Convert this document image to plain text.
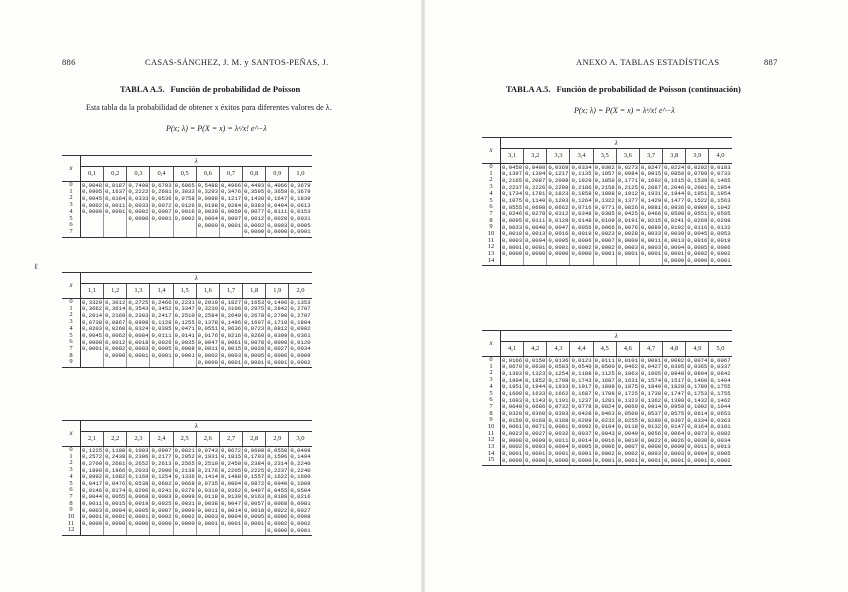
886	CASAS-SÁNCHEZ, J. M. y SANTOS-PEÑAS, J.
TABLA A.5. Función de probabilidad de Poisson
Esta tabla da la probabilidad de obtener x éxitos para diferentes valores de λ.
P(x; λ) = P(X = x) = λˣ/x! e^−λ
x	λ									
	0,1	0,2	0,3	0,4	0,5	0,6	0,7	0,8	0,9	1,0
0	0,9048	0,8187	0,7408	0,6703	0,6065	0,5488	0,4966	0,4493	0,4066	0,3679
1	0,0905	0,1637	0,2222	0,2681	0,3033	0,3293	0,3476	0,3595	0,3659	0,3679
2	0,0045	0,0164	0,0333	0,0536	0,0758	0,0988	0,1217	0,1438	0,1647	0,1839
3	0,0002	0,0011	0,0033	0,0072	0,0126	0,0198	0,0284	0,0383	0,0494	0,0613
4	0,0000	0,0001	0,0002	0,0007	0,0016	0,0030	0,0050	0,0077	0,0111	0,0153
5			0,0000	0,0001	0,0002	0,0004	0,0007	0,0012	0,0020	0,0031
6						0,0000	0,0001	0,0002	0,0003	0,0005
7								0,0000	0,0000	0,0001
x	λ									
	1,1	1,2	1,3	1,4	1,5	1,6	1,7	1,8	1,9	2,0
0	0,3329	0,3012	0,2725	0,2466	0,2231	0,2019	0,1827	0,1653	0,1496	0,1353
1	0,3662	0,3614	0,3543	0,3452	0,3347	0,3230	0,3106	0,2975	0,2842	0,2707
2	0,2014	0,2169	0,2303	0,2417	0,2510	0,2584	0,2640	0,2678	0,2700	0,2707
3	0,0738	0,0867	0,0998	0,1128	0,1255	0,1378	0,1496	0,1607	0,1710	0,1804
4	0,0203	0,0260	0,0324	0,0395	0,0471	0,0551	0,0636	0,0723	0,0812	0,0902
5	0,0045	0,0062	0,0084	0,0111	0,0141	0,0176	0,0216	0,0260	0,0309	0,0361
6	0,0008	0,0012	0,0018	0,0026	0,0035	0,0047	0,0061	0,0078	0,0098	0,0120
7	0,0001	0,0002	0,0003	0,0005	0,0008	0,0011	0,0015	0,0020	0,0027	0,0034
8		0,0000	0,0001	0,0001	0,0001	0,0002	0,0003	0,0005	0,0006	0,0009
9						0,0000	0,0001	0,0001	0,0001	0,0002
x	λ									
	2,1	2,2	2,3	2,4	2,5	2,6	2,7	2,8	2,9	3,0
0	0,1225	0,1108	0,1003	0,0907	0,0821	0,0743	0,0672	0,0608	0,0550	0,0498
1	0,2572	0,2438	0,2306	0,2177	0,2052	0,1931	0,1815	0,1703	0,1596	0,1494
2	0,2700	0,2681	0,2652	0,2613	0,2565	0,2510	0,2450	0,2384	0,2314	0,2240
3	0,1890	0,1966	0,2033	0,2090	0,2138	0,2176	0,2205	0,2225	0,2237	0,2240
4	0,0992	0,1082	0,1169	0,1254	0,1336	0,1414	0,1488	0,1557	0,1622	0,1680
5	0,0417	0,0476	0,0538	0,0602	0,0668	0,0735	0,0804	0,0872	0,0940	0,1008
6	0,0146	0,0174	0,0206	0,0241	0,0278	0,0319	0,0362	0,0407	0,0455	0,0504
7	0,0044	0,0055	0,0068	0,0083	0,0099	0,0118	0,0139	0,0163	0,0188	0,0216
8	0,0011	0,0015	0,0019	0,0025	0,0031	0,0038	0,0047	0,0057	0,0068	0,0081
9	0,0003	0,0004	0,0005	0,0007	0,0009	0,0011	0,0014	0,0018	0,0022	0,0027
10	0,0001	0,0001	0,0001	0,0002	0,0002	0,0003	0,0004	0,0005	0,0006	0,0008
11	0,0000	0,0000	0,0000	0,0000	0,0000	0,0001	0,0001	0,0001	0,0002	0,0002
12									0,0000	0,0001
ℓ
ANEXO A. TABLAS ESTADÍSTICAS	887
TABLA A.5. Función de probabilidad de Poisson (continuación)
P(x; λ) = P(X = x) = λˣ/x! e^−λ
x	λ									
	3,1	3,2	3,3	3,4	3,5	3,6	3,7	3,8	3,9	4,0
0	0,0450	0,0408	0,0369	0,0334	0,0302	0,0273	0,0247	0,0224	0,0202	0,0183
1	0,1397	0,1304	0,1217	0,1135	0,1057	0,0984	0,0915	0,0850	0,0789	0,0733
2	0,2165	0,2087	0,2008	0,1929	0,1850	0,1771	0,1692	0,1615	0,1539	0,1465
3	0,2237	0,2226	0,2209	0,2186	0,2158	0,2125	0,2087	0,2046	0,2001	0,1954
4	0,1734	0,1781	0,1823	0,1858	0,1888	0,1912	0,1931	0,1944	0,1951	0,1954
5	0,1075	0,1140	0,1203	0,1264	0,1322	0,1377	0,1429	0,1477	0,1522	0,1563
6	0,0555	0,0608	0,0662	0,0716	0,0771	0,0826	0,0881	0,0936	0,0989	0,1042
7	0,0246	0,0278	0,0312	0,0348	0,0385	0,0425	0,0466	0,0508	0,0551	0,0595
8	0,0095	0,0111	0,0129	0,0148	0,0169	0,0191	0,0215	0,0241	0,0269	0,0298
9	0,0033	0,0040	0,0047	0,0056	0,0066	0,0076	0,0089	0,0102	0,0116	0,0132
10	0,0010	0,0013	0,0016	0,0019	0,0023	0,0028	0,0033	0,0039	0,0045	0,0053
11	0,0003	0,0004	0,0005	0,0006	0,0007	0,0009	0,0011	0,0013	0,0016	0,0019
12	0,0001	0,0001	0,0001	0,0002	0,0002	0,0003	0,0003	0,0004	0,0005	0,0006
13	0,0000	0,0000	0,0000	0,0000	0,0001	0,0001	0,0001	0,0001	0,0002	0,0002
14								0,0000	0,0000	0,0001
x	λ									
	4,1	4,2	4,3	4,4	4,5	4,6	4,7	4,8	4,9	5,0
0	0,0166	0,0150	0,0136	0,0123	0,0111	0,0101	0,0091	0,0082	0,0074	0,0067
1	0,0679	0,0630	0,0583	0,0540	0,0500	0,0462	0,0427	0,0395	0,0365	0,0337
2	0,1393	0,1323	0,1254	0,1188	0,1125	0,1063	0,1005	0,0948	0,0894	0,0842
3	0,1904	0,1852	0,1798	0,1743	0,1687	0,1631	0,1574	0,1517	0,1460	0,1404
4	0,1951	0,1944	0,1933	0,1917	0,1898	0,1875	0,1849	0,1820	0,1789	0,1755
5	0,1600	0,1633	0,1662	0,1687	0,1708	0,1725	0,1738	0,1747	0,1753	0,1755
6	0,1093	0,1143	0,1191	0,1237	0,1281	0,1323	0,1362	0,1398	0,1432	0,1462
7	0,0640	0,0686	0,0732	0,0778	0,0824	0,0869	0,0914	0,0959	0,1002	0,1044
8	0,0328	0,0360	0,0393	0,0428	0,0463	0,0500	0,0537	0,0575	0,0614	0,0653
9	0,0150	0,0168	0,0188	0,0209	0,0232	0,0255	0,0280	0,0307	0,0334	0,0363
10	0,0061	0,0071	0,0081	0,0092	0,0104	0,0118	0,0132	0,0147	0,0164	0,0181
11	0,0023	0,0027	0,0032	0,0037	0,0043	0,0049	0,0056	0,0064	0,0073	0,0082
12	0,0008	0,0009	0,0011	0,0014	0,0016	0,0019	0,0022	0,0026	0,0030	0,0034
13	0,0002	0,0003	0,0004	0,0005	0,0006	0,0007	0,0008	0,0009	0,0011	0,0013
14	0,0001	0,0001	0,0001	0,0001	0,0002	0,0002	0,0003	0,0003	0,0004	0,0005
15	0,0000	0,0000	0,0000	0,0000	0,0001	0,0001	0,0001	0,0001	0,0001	0,0002
